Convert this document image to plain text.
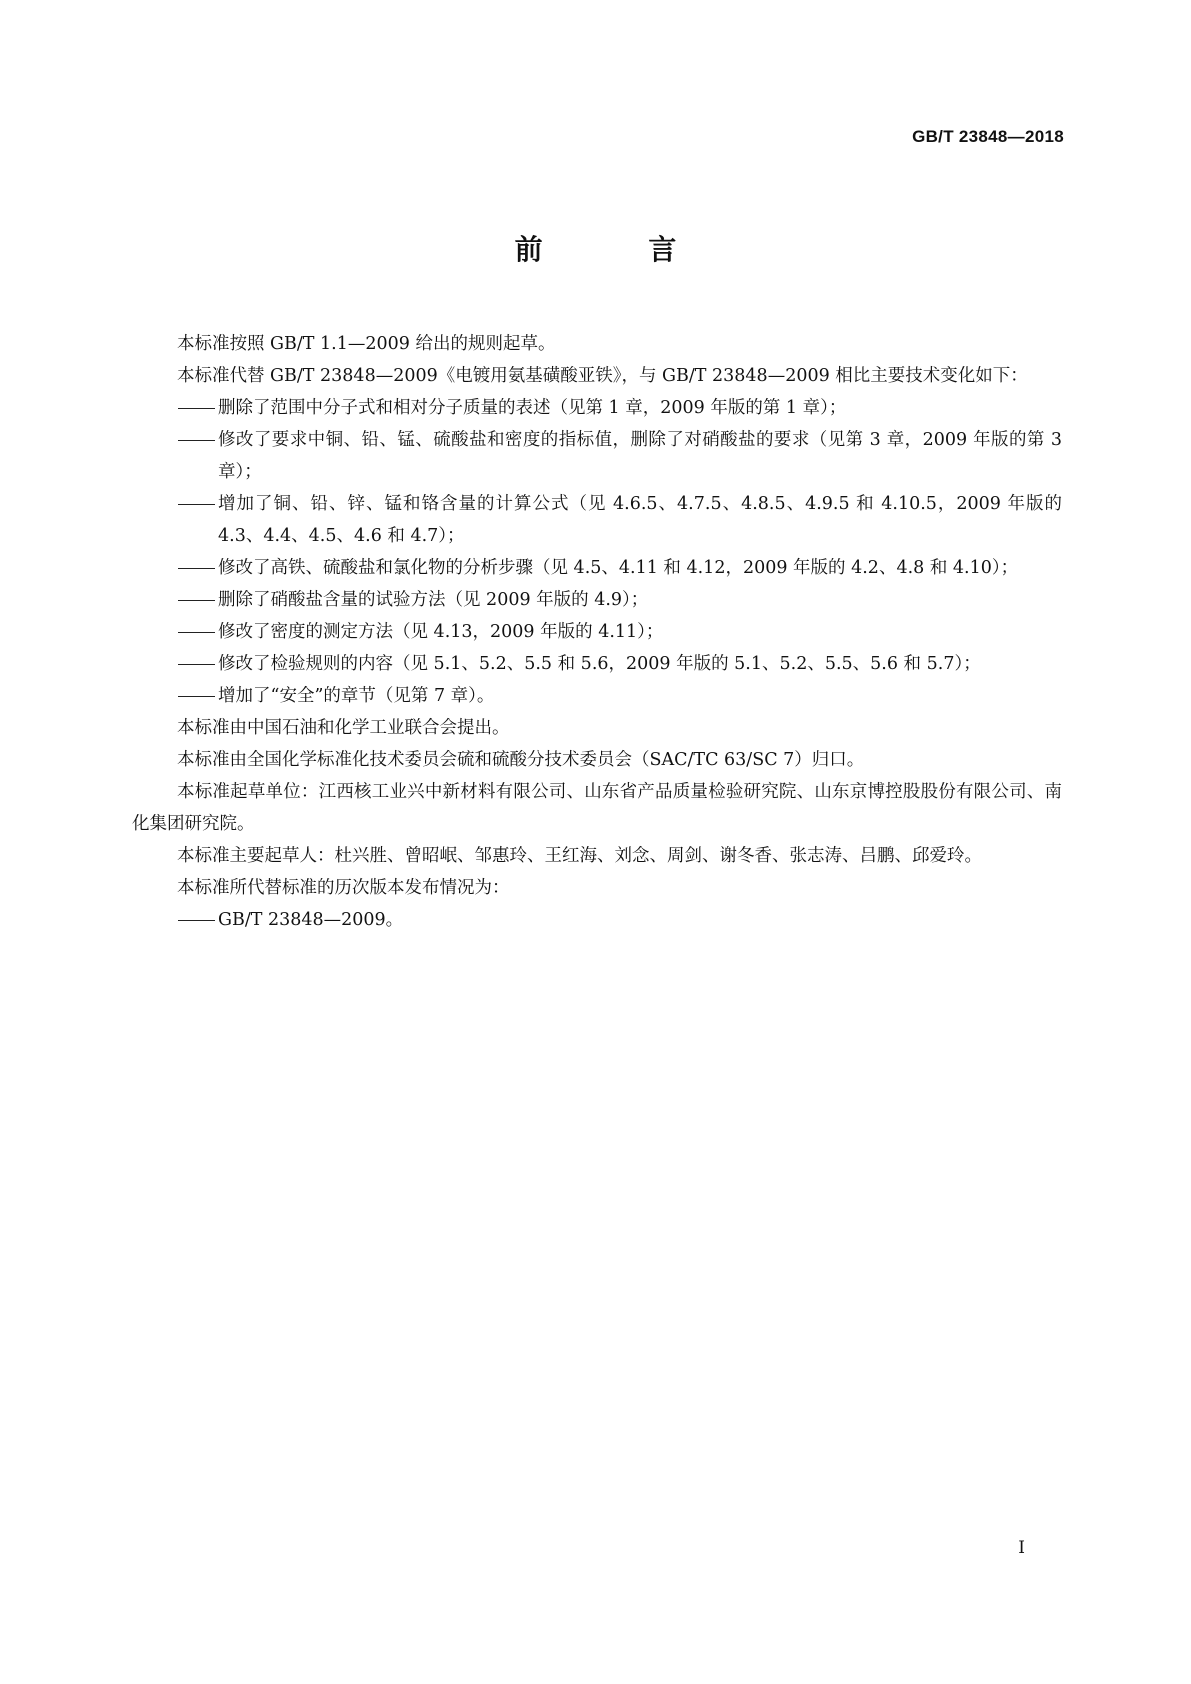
GB/T 23848—2018
前 言

本标准按照 GB/T 1.1—2009 给出的规则起草。

本标准代替 GB/T 23848—2009《电镀用氨基磺酸亚铁》，与 GB/T 23848—2009 相比主要技术变化如下：

删除了范围中分子式和相对分子质量的表述（见第 1 章，2009 年版的第 1 章）；

修改了要求中铜、铅、锰、硫酸盐和密度的指标值，删除了对硝酸盐的要求（见第 3 章，2009 年版的第 3 章）；

增加了铜、铅、锌、锰和铬含量的计算公式（见 4.6.5、4.7.5、4.8.5、4.9.5 和 4.10.5，2009 年版的 4.3、4.4、4.5、4.6 和 4.7）；

修改了高铁、硫酸盐和氯化物的分析步骤（见 4.5、4.11 和 4.12，2009 年版的 4.2、4.8 和 4.10）；

删除了硝酸盐含量的试验方法（见 2009 年版的 4.9）；

修改了密度的测定方法（见 4.13，2009 年版的 4.11）；

修改了检验规则的内容（见 5.1、5.2、5.5 和 5.6，2009 年版的 5.1、5.2、5.5、5.6 和 5.7）；

增加了“安全”的章节（见第 7 章）。

本标准由中国石油和化学工业联合会提出。

本标准由全国化学标准化技术委员会硫和硫酸分技术委员会（SAC/TC 63/SC 7）归口。

本标准起草单位：江西核工业兴中新材料有限公司、山东省产品质量检验研究院、山东京博控股股份有限公司、南化集团研究院。

本标准主要起草人：杜兴胜、曾昭岷、邹惠玲、王红海、刘念、周剑、谢冬香、张志涛、吕鹏、邱爱玲。

本标准所代替标准的历次版本发布情况为：

GB/T 23848—2009。

I
